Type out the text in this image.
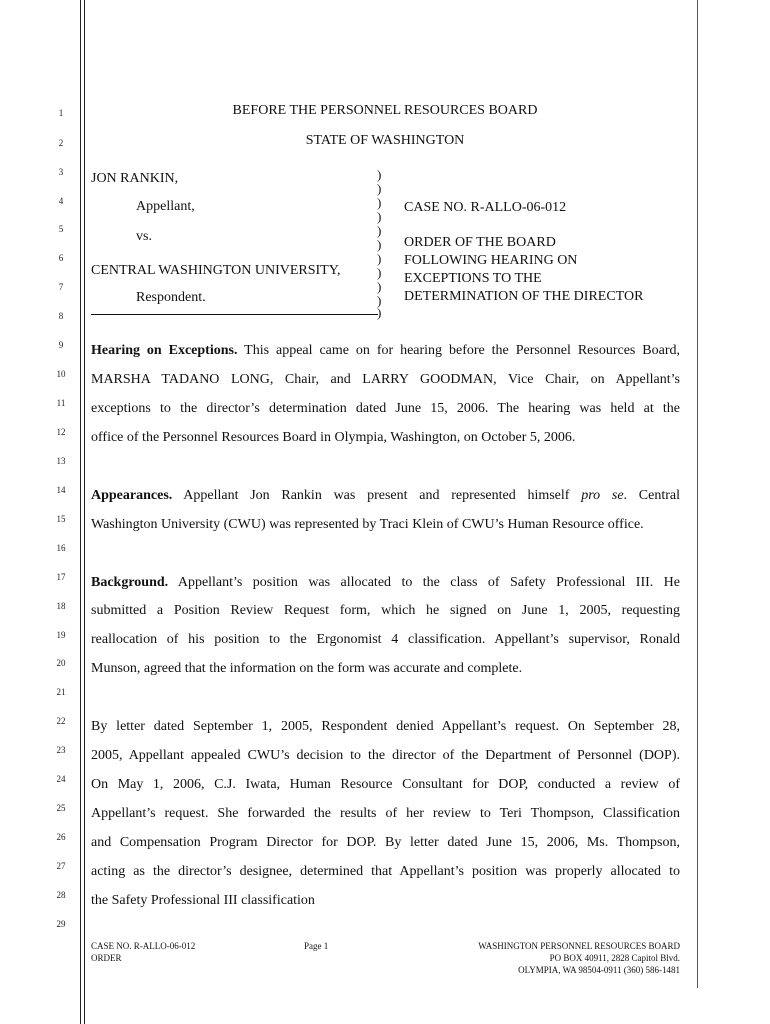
1
2
3
4
5
6
7
8
9
10
11
12
13
14
15
16
17
18
19
20
21
22
23
24
25
26
27
28
29
BEFORE THE PERSONNEL RESOURCES BOARD
STATE OF WASHINGTON
JON RANKIN,
Appellant,
vs.
CENTRAL WASHINGTON UNIVERSITY,
Respondent.
)
)
)
)
)
)
)
)
)
)
)
CASE NO. R-ALLO-06-012
ORDER OF THE BOARD
FOLLOWING HEARING ON
EXCEPTIONS TO THE
DETERMINATION OF THE DIRECTOR
Hearing on Exceptions. This appeal came on for hearing before the Personnel Resources Board,
MARSHA TADANO LONG, Chair, and LARRY GOODMAN, Vice Chair, on Appellant’s
exceptions to the director’s determination dated June 15, 2006. The hearing was held at the
office of the Personnel Resources Board in Olympia, Washington, on October 5, 2006.
Appearances. Appellant Jon Rankin was present and represented himself pro se. Central
Washington University (CWU) was represented by Traci Klein of CWU’s Human Resource office.
Background. Appellant’s position was allocated to the class of Safety Professional III. He
submitted a Position Review Request form, which he signed on June 1, 2005, requesting
reallocation of his position to the Ergonomist 4 classification. Appellant’s supervisor, Ronald
Munson, agreed that the information on the form was accurate and complete.
By letter dated September 1, 2005, Respondent denied Appellant’s request. On September 28,
2005, Appellant appealed CWU’s decision to the director of the Department of Personnel (DOP).
On May 1, 2006, C.J. Iwata, Human Resource Consultant for DOP, conducted a review of
Appellant’s request. She forwarded the results of her review to Teri Thompson, Classification
and Compensation Program Director for DOP. By letter dated June 15, 2006, Ms. Thompson,
acting as the director’s designee, determined that Appellant’s position was properly allocated to
the Safety Professional III classification
CASE NO. R-ALLO-06-012
ORDER
Page 1	WASHINGTON PERSONNEL RESOURCES BOARD
PO BOX 40911, 2828 Capitol Blvd.
OLYMPIA, WA 98504-0911 (360) 586-1481
